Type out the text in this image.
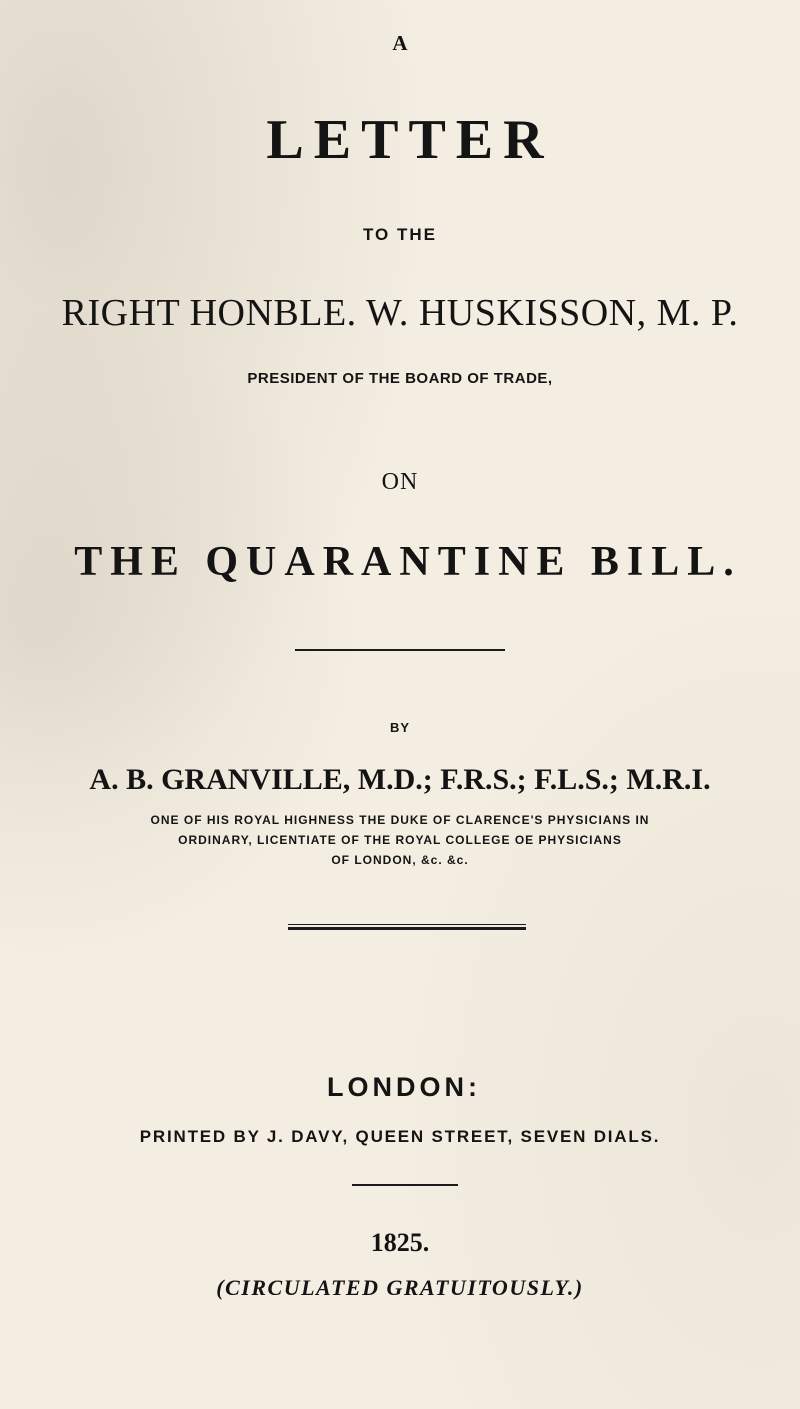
A

LETTER

TO THE

RIGHT HONBLE. W. HUSKISSON, M. P.

PRESIDENT OF THE BOARD OF TRADE,

ON

THE QUARANTINE BILL.

BY

A. B. GRANVILLE, M.D.; F.R.S.; F.L.S.; M.R.I.

ONE OF HIS ROYAL HIGHNESS THE DUKE OF CLARENCE'S PHYSICIANS IN

ORDINARY, LICENTIATE OF THE ROYAL COLLEGE OE PHYSICIANS

OF LONDON, &c. &c.

LONDON:

PRINTED BY J. DAVY, QUEEN STREET, SEVEN DIALS.

1825.

(CIRCULATED GRATUITOUSLY.)
